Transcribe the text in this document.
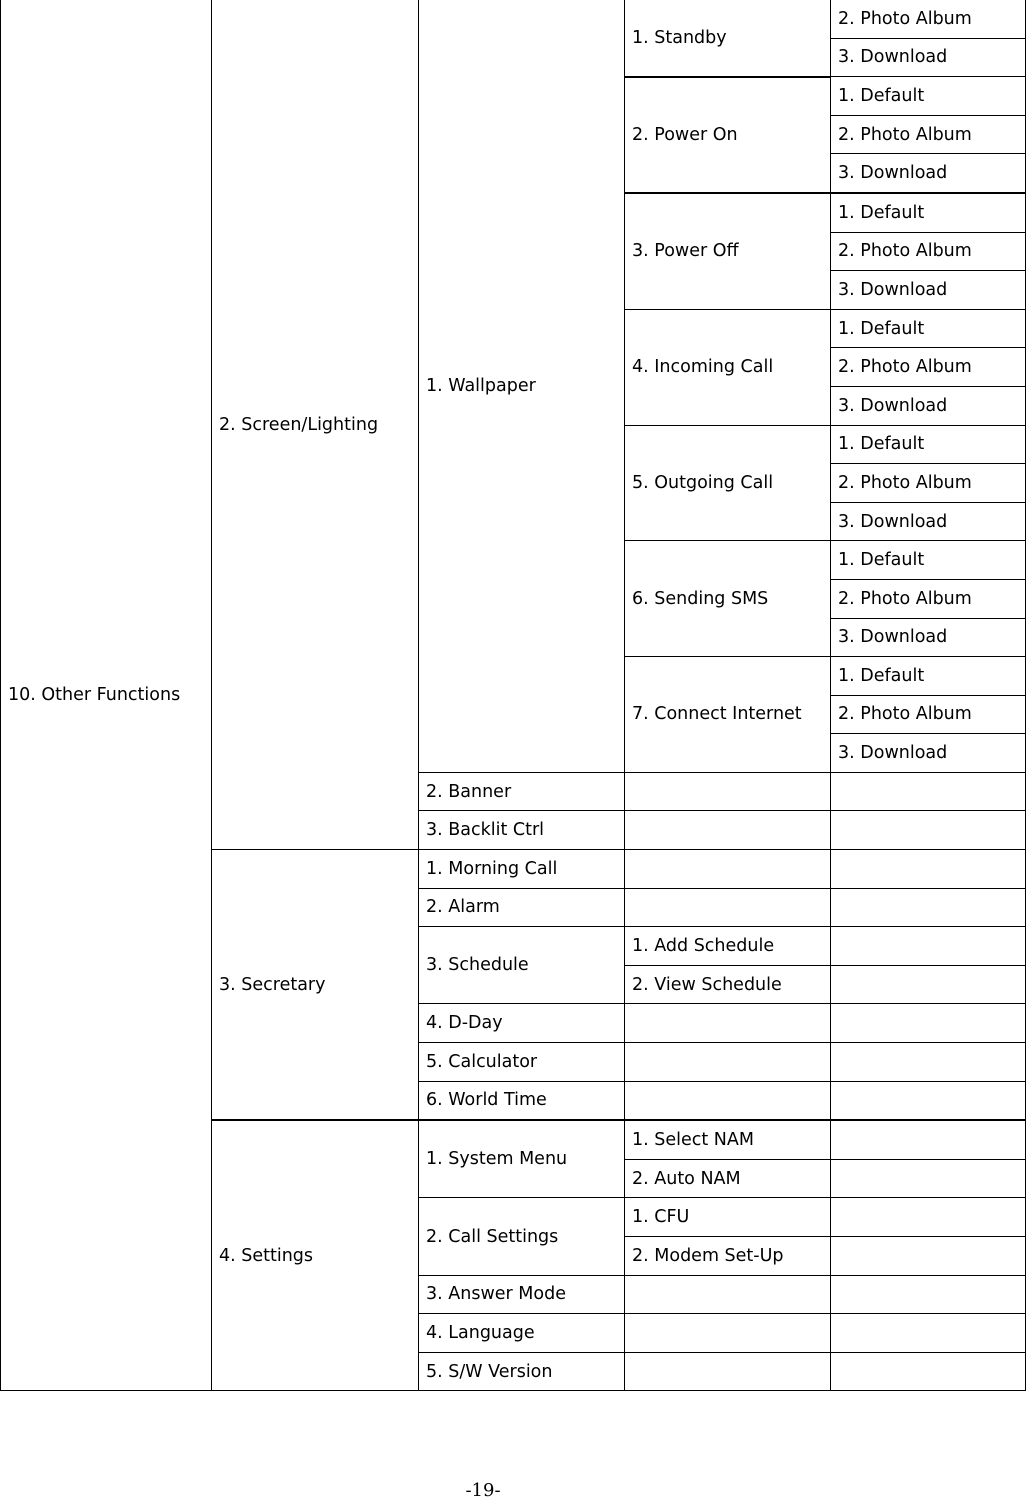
10. Other Functions	2. Screen/Lighting	1. Wallpaper	1. Standby	2. Photo Album
				3. Download
			2. Power On	1. Default
				2. Photo Album
				3. Download
			3. Power Off	1. Default
				2. Photo Album
				3. Download
			4. Incoming Call	1. Default
				2. Photo Album
				3. Download
			5. Outgoing Call	1. Default
				2. Photo Album
				3. Download
			6. Sending SMS	1. Default
				2. Photo Album
				3. Download
			7. Connect Internet	1. Default
				2. Photo Album
				3. Download
		2. Banner		
		3. Backlit Ctrl		
	3. Secretary	1. Morning Call		
		2. Alarm		
		3. Schedule	1. Add Schedule	
			2. View Schedule	
		4. D-Day		
		5. Calculator		
		6. World Time		
	4. Settings	1. System Menu	1. Select NAM	
			2. Auto NAM	
		2. Call Settings	1. CFU	
			2. Modem Set-Up	
		3. Answer Mode		
		4. Language		
		5. S/W Version		
-19-
